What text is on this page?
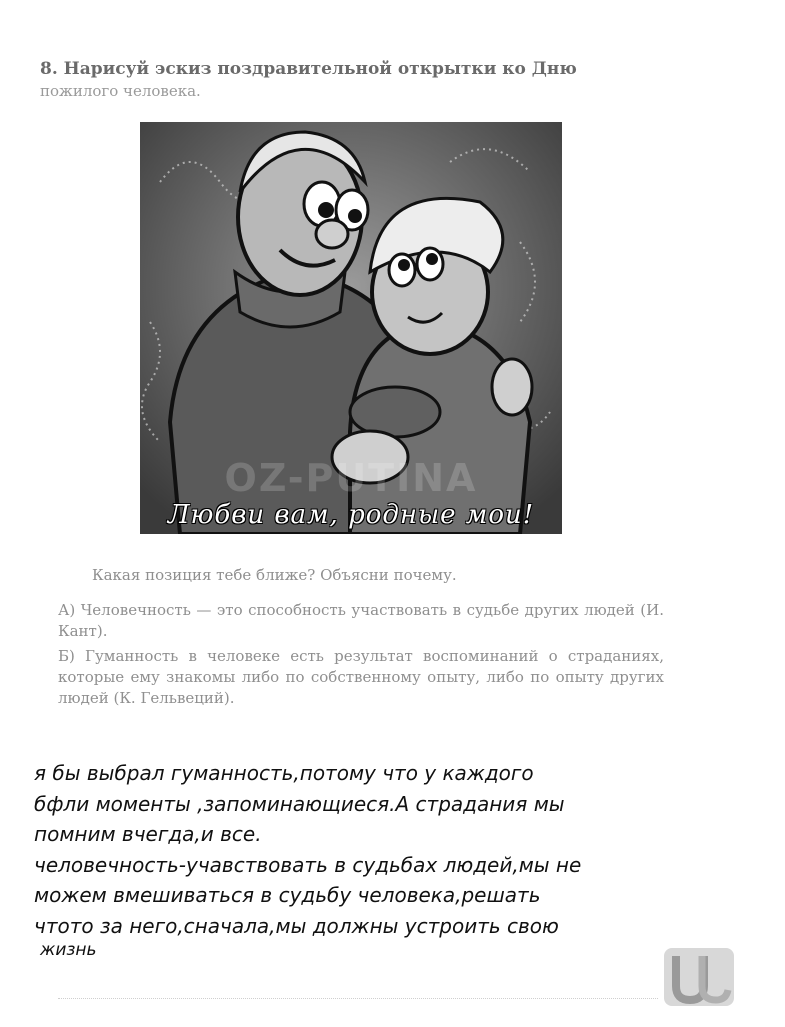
8. Нарисуй эскиз поздравительной открытки ко Дню
пожилого человека.
OZ-PUTINA
Любви вам, родные мои!
Какая позиция тебе ближе? Объясни почему.
А) Человечность — это способность участвовать в судьбе других людей (И. Кант).
Б) Гуманность в человеке есть результат воспоминаний о страданиях, которые ему знакомы либо по собственному опыту, либо по опыту других людей (К. Гельвеций).
я бы выбрал гуманность,потому что у каждого
бфли моменты ,запоминающиеся.А страдания мы
помним вчегда,и все.
человечность-учавствовать в судьбах людей,мы не
можем вмешиваться в судьбу человека,решать
чтото за него,сначала,мы должны устроить свою
жизнь
